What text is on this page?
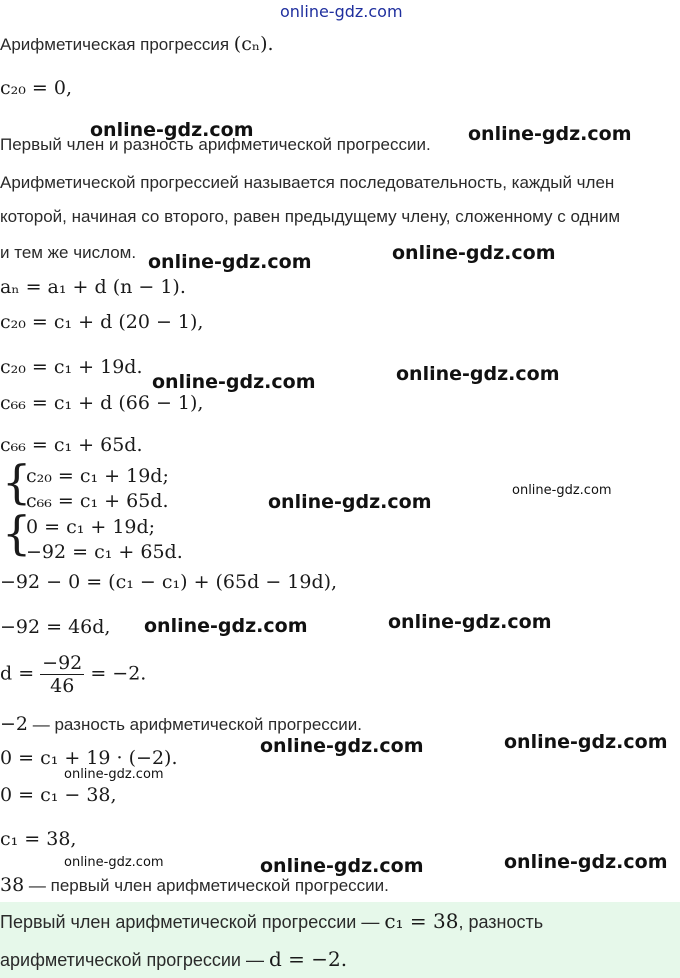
online-gdz.com
Арифметическая прогрессия (cₙ).
c₂₀ = 0,
Первый член и разность арифметической прогрессии.
Арифметической прогрессией называется последовательность, каждый член
которой, начиная со второго, равен предыдущему члену, сложенному с одним
и тем же числом.
aₙ = a₁ + d (n − 1).
c₂₀ = c₁ + d (20 − 1),
c₂₀ = c₁ + 19d.
c₆₆ = c₁ + d (66 − 1),
c₆₆ = c₁ + 65d.
{
c₂₀ = c₁ + 19d;
c₆₆ = c₁ + 65d.
{
0 = c₁ + 19d;
−92 = c₁ + 65d.
−92 − 0 = (c₁ − c₁) + (65d − 19d),
−92 = 46d,
$d = \frac{-92}{46} = -2$.
−2 — разность арифметической прогрессии.
0 = c₁ + 19 · (−2).
0 = c₁ − 38,
c₁ = 38,
38 — первый член арифметической прогрессии.
Первый член арифметической прогрессии — c₁ = 38, разность
арифметической прогрессии — d = −2.
online-gdz.com	online-gdz.com
online-gdz.com	online-gdz.com
online-gdz.com	online-gdz.com
online-gdz.com
online-gdz.com
online-gdz.com	online-gdz.com
online-gdz.com	online-gdz.com
online-gdz.com
online-gdz.com	online-gdz.com	online-gdz.com
